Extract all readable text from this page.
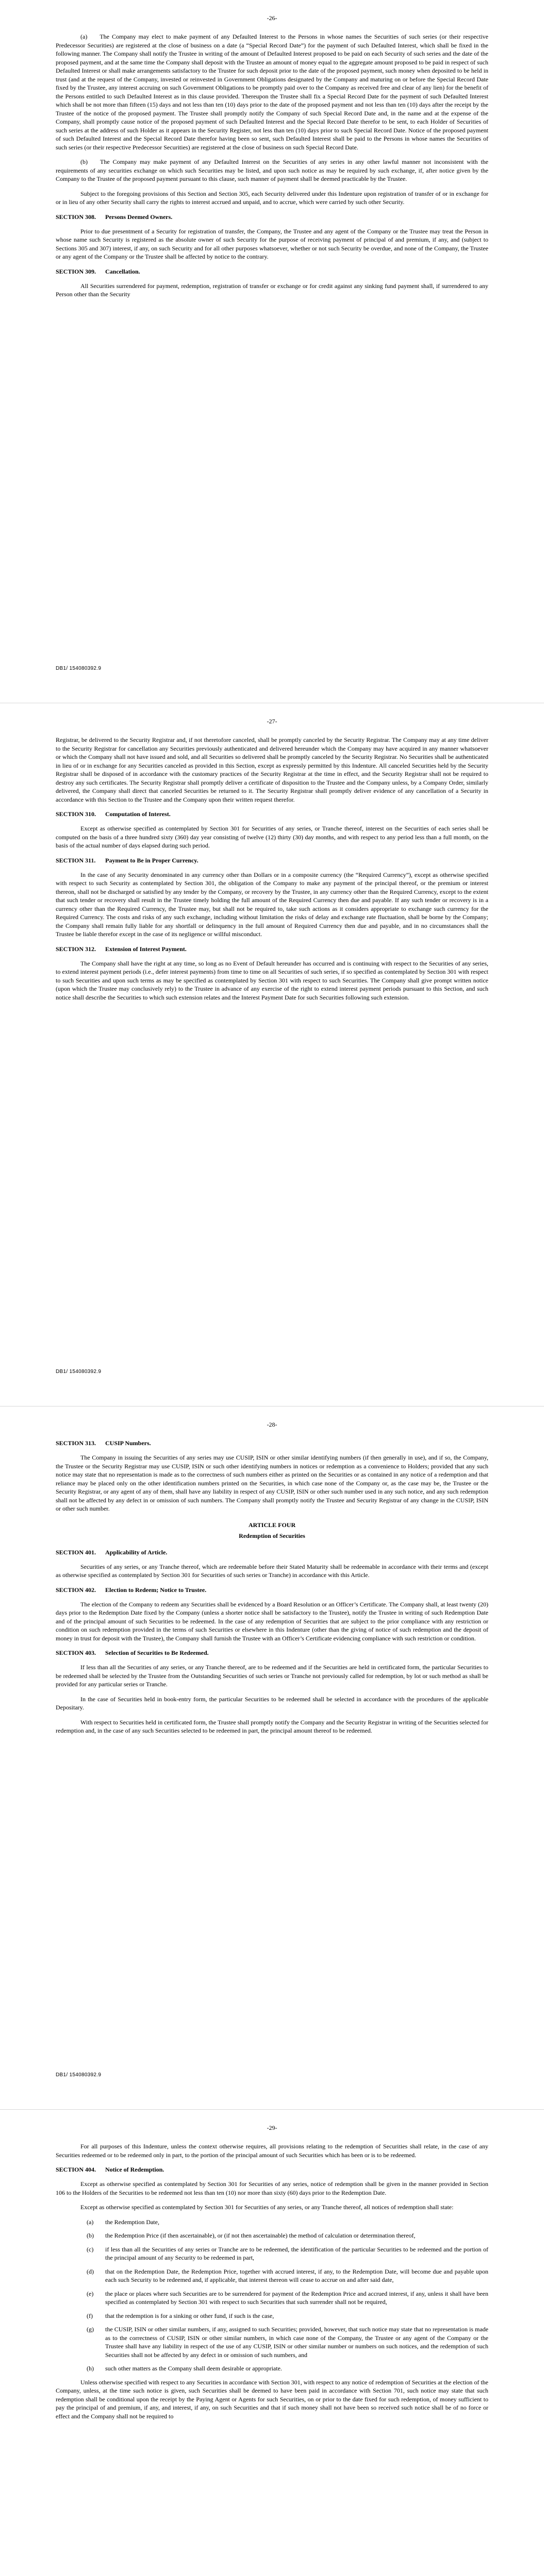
-26-

(a)  The Company may elect to make payment of any Defaulted Interest to the Persons in whose names the Securities of such series (or their respective Predecessor Securities) are registered at the close of business on a date (a “Special Record Date”) for the payment of such Defaulted Interest, which shall be fixed in the following manner. The Company shall notify the Trustee in writing of the amount of Defaulted Interest proposed to be paid on each Security of such series and the date of the proposed payment, and at the same time the Company shall deposit with the Trustee an amount of money equal to the aggregate amount proposed to be paid in respect of such Defaulted Interest or shall make arrangements satisfactory to the Trustee for such deposit prior to the date of the proposed payment, such money when deposited to be held in trust (and at the request of the Company, invested or reinvested in Government Obligations designated by the Company and maturing on or before the Special Record Date fixed by the Trustee, any interest accruing on such Government Obligations to be promptly paid over to the Company as received free and clear of any lien) for the benefit of the Persons entitled to such Defaulted Interest as in this clause provided. Thereupon the Trustee shall fix a Special Record Date for the payment of such Defaulted Interest which shall be not more than fifteen (15) days and not less than ten (10) days prior to the date of the proposed payment and not less than ten (10) days after the receipt by the Trustee of the notice of the proposed payment. The Trustee shall promptly notify the Company of such Special Record Date and, in the name and at the expense of the Company, shall promptly cause notice of the proposed payment of such Defaulted Interest and the Special Record Date therefor to be sent, to each Holder of Securities of such series at the address of such Holder as it appears in the Security Register, not less than ten (10) days prior to such Special Record Date. Notice of the proposed payment of such Defaulted Interest and the Special Record Date therefor having been so sent, such Defaulted Interest shall be paid to the Persons in whose names the Securities of such series (or their respective Predecessor Securities) are registered at the close of business on such Special Record Date.

(b)  The Company may make payment of any Defaulted Interest on the Securities of any series in any other lawful manner not inconsistent with the requirements of any securities exchange on which such Securities may be listed, and upon such notice as may be required by such exchange, if, after notice given by the Company to the Trustee of the proposed payment pursuant to this clause, such manner of payment shall be deemed practicable by the Trustee.

Subject to the foregoing provisions of this Section and Section 305, each Security delivered under this Indenture upon registration of transfer of or in exchange for or in lieu of any other Security shall carry the rights to interest accrued and unpaid, and to accrue, which were carried by such other Security.

SECTION 308. Persons Deemed Owners.

Prior to due presentment of a Security for registration of transfer, the Company, the Trustee and any agent of the Company or the Trustee may treat the Person in whose name such Security is registered as the absolute owner of such Security for the purpose of receiving payment of principal of and premium, if any, and (subject to Sections 305 and 307) interest, if any, on such Security and for all other purposes whatsoever, whether or not such Security be overdue, and none of the Company, the Trustee or any agent of the Company or the Trustee shall be affected by notice to the contrary.

SECTION 309. Cancellation.

All Securities surrendered for payment, redemption, registration of transfer or exchange or for credit against any sinking fund payment shall, if surrendered to any Person other than the Security

DB1/ 154080392.9
-27-

Registrar, be delivered to the Security Registrar and, if not theretofore canceled, shall be promptly canceled by the Security Registrar. The Company may at any time deliver to the Security Registrar for cancellation any Securities previously authenticated and delivered hereunder which the Company may have acquired in any manner whatsoever or which the Company shall not have issued and sold, and all Securities so delivered shall be promptly canceled by the Security Registrar. No Securities shall be authenticated in lieu of or in exchange for any Securities canceled as provided in this Section, except as expressly permitted by this Indenture. All canceled Securities held by the Security Registrar shall be disposed of in accordance with the customary practices of the Security Registrar at the time in effect, and the Security Registrar shall not be required to destroy any such certificates. The Security Registrar shall promptly deliver a certificate of disposition to the Trustee and the Company unless, by a Company Order, similarly delivered, the Company shall direct that canceled Securities be returned to it. The Security Registrar shall promptly deliver evidence of any cancellation of a Security in accordance with this Section to the Trustee and the Company upon their written request therefor.

SECTION 310. Computation of Interest.

Except as otherwise specified as contemplated by Section 301 for Securities of any series, or Tranche thereof, interest on the Securities of each series shall be computed on the basis of a three hundred sixty (360) day year consisting of twelve (12) thirty (30) day months, and with respect to any period less than a full month, on the basis of the actual number of days elapsed during such period.

SECTION 311. Payment to Be in Proper Currency.

In the case of any Security denominated in any currency other than Dollars or in a composite currency (the “Required Currency”), except as otherwise specified with respect to such Security as contemplated by Section 301, the obligation of the Company to make any payment of the principal thereof, or the premium or interest thereon, shall not be discharged or satisfied by any tender by the Company, or recovery by the Trustee, in any currency other than the Required Currency, except to the extent that such tender or recovery shall result in the Trustee timely holding the full amount of the Required Currency then due and payable. If any such tender or recovery is in a currency other than the Required Currency, the Trustee may, but shall not be required to, take such actions as it considers appropriate to exchange such currency for the Required Currency. The costs and risks of any such exchange, including without limitation the risks of delay and exchange rate fluctuation, shall be borne by the Company; the Company shall remain fully liable for any shortfall or delinquency in the full amount of Required Currency then due and payable, and in no circumstances shall the Trustee be liable therefor except in the case of its negligence or willful misconduct.

SECTION 312. Extension of Interest Payment.

The Company shall have the right at any time, so long as no Event of Default hereunder has occurred and is continuing with respect to the Securities of any series, to extend interest payment periods (i.e., defer interest payments) from time to time on all Securities of such series, if so specified as contemplated by Section 301 with respect to such Securities and upon such terms as may be specified as contemplated by Section 301 with respect to such Securities. The Company shall give prompt written notice (upon which the Trustee may conclusively rely) to the Trustee in advance of any exercise of the right to extend interest payment periods pursuant to this Section, and such notice shall describe the Securities to which such extension relates and the Interest Payment Date for such Securities following such extension.

DB1/ 154080392.9
-28-
SECTION 313. CUSIP Numbers.

The Company in issuing the Securities of any series may use CUSIP, ISIN or other similar identifying numbers (if then generally in use), and if so, the Company, the Trustee or the Security Registrar may use CUSIP, ISIN or such other identifying numbers in notices or redemption as a convenience to Holders; provided that any such notice may state that no representation is made as to the correctness of such numbers either as printed on the Securities or as contained in any notice of a redemption and that reliance may be placed only on the other identification numbers printed on the Securities, in which case none of the Company or, as the case may be, the Trustee or the Security Registrar, or any agent of any of them, shall have any liability in respect of any CUSIP, ISIN or other such number used in any such notice, and any such redemption shall not be affected by any defect in or omission of such numbers. The Company shall promptly notify the Trustee and Security Registrar of any change in the CUSIP, ISIN or other such number.

ARTICLE FOUR
Redemption of Securities
SECTION 401. Applicability of Article.

Securities of any series, or any Tranche thereof, which are redeemable before their Stated Maturity shall be redeemable in accordance with their terms and (except as otherwise specified as contemplated by Section 301 for Securities of such series or Tranche) in accordance with this Article.

SECTION 402. Election to Redeem; Notice to Trustee.

The election of the Company to redeem any Securities shall be evidenced by a Board Resolution or an Officer’s Certificate. The Company shall, at least twenty (20) days prior to the Redemption Date fixed by the Company (unless a shorter notice shall be satisfactory to the Trustee), notify the Trustee in writing of such Redemption Date and of the principal amount of such Securities to be redeemed. In the case of any redemption of Securities that are subject to the prior compliance with any restriction or condition on such redemption provided in the terms of such Securities or elsewhere in this Indenture (other than the giving of notice of such redemption and the deposit of money in trust for deposit with the Trustee), the Company shall furnish the Trustee with an Officer’s Certificate evidencing compliance with such restriction or condition.

SECTION 403. Selection of Securities to Be Redeemed.

If less than all the Securities of any series, or any Tranche thereof, are to be redeemed and if the Securities are held in certificated form, the particular Securities to be redeemed shall be selected by the Trustee from the Outstanding Securities of such series or Tranche not previously called for redemption, by lot or such method as shall be provided for any particular series or Tranche.

In the case of Securities held in book-entry form, the particular Securities to be redeemed shall be selected in accordance with the procedures of the applicable Depositary.

With respect to Securities held in certificated form, the Trustee shall promptly notify the Company and the Security Registrar in writing of the Securities selected for redemption and, in the case of any such Securities selected to be redeemed in part, the principal amount thereof to be redeemed.

DB1/ 154080392.9
-29-

For all purposes of this Indenture, unless the context otherwise requires, all provisions relating to the redemption of Securities shall relate, in the case of any Securities redeemed or to be redeemed only in part, to the portion of the principal amount of such Securities which has been or is to be redeemed.

SECTION 404. Notice of Redemption.

Except as otherwise specified as contemplated by Section 301 for Securities of any series, notice of redemption shall be given in the manner provided in Section 106 to the Holders of the Securities to be redeemed not less than ten (10) nor more than sixty (60) days prior to the Redemption Date.

Except as otherwise specified as contemplated by Section 301 for Securities of any series, or any Tranche thereof, all notices of redemption shall state:

(a) the Redemption Date,

(b) the Redemption Price (if then ascertainable), or (if not then ascertainable) the method of calculation or determination thereof,

(c) if less than all the Securities of any series or Tranche are to be redeemed, the identification of the particular Securities to be redeemed and the portion of the principal amount of any Security to be redeemed in part,

(d) that on the Redemption Date, the Redemption Price, together with accrued interest, if any, to the Redemption Date, will become due and payable upon each such Security to be redeemed and, if applicable, that interest thereon will cease to accrue on and after said date,

(e) the place or places where such Securities are to be surrendered for payment of the Redemption Price and accrued interest, if any, unless it shall have been specified as contemplated by Section 301 with respect to such Securities that such surrender shall not be required,

(f) that the redemption is for a sinking or other fund, if such is the case,

(g) the CUSIP, ISIN or other similar numbers, if any, assigned to such Securities; provided, however, that such notice may state that no representation is made as to the correctness of CUSIP, ISIN or other similar numbers, in which case none of the Company, the Trustee or any agent of the Company or the Trustee shall have any liability in respect of the use of any CUSIP, ISIN or other similar number or numbers on such notices, and the redemption of such Securities shall not be affected by any defect in or omission of such numbers, and

(h) such other matters as the Company shall deem desirable or appropriate.

Unless otherwise specified with respect to any Securities in accordance with Section 301, with respect to any notice of redemption of Securities at the election of the Company, unless, at the time such notice is given, such Securities shall be deemed to have been paid in accordance with Section 701, such notice may state that such redemption shall be conditional upon the receipt by the Paying Agent or Agents for such Securities, on or prior to the date fixed for such redemption, of money sufficient to pay the principal of and premium, if any, and interest, if any, on such Securities and that if such money shall not have been so received such notice shall be of no force or effect and the Company shall not be required to
